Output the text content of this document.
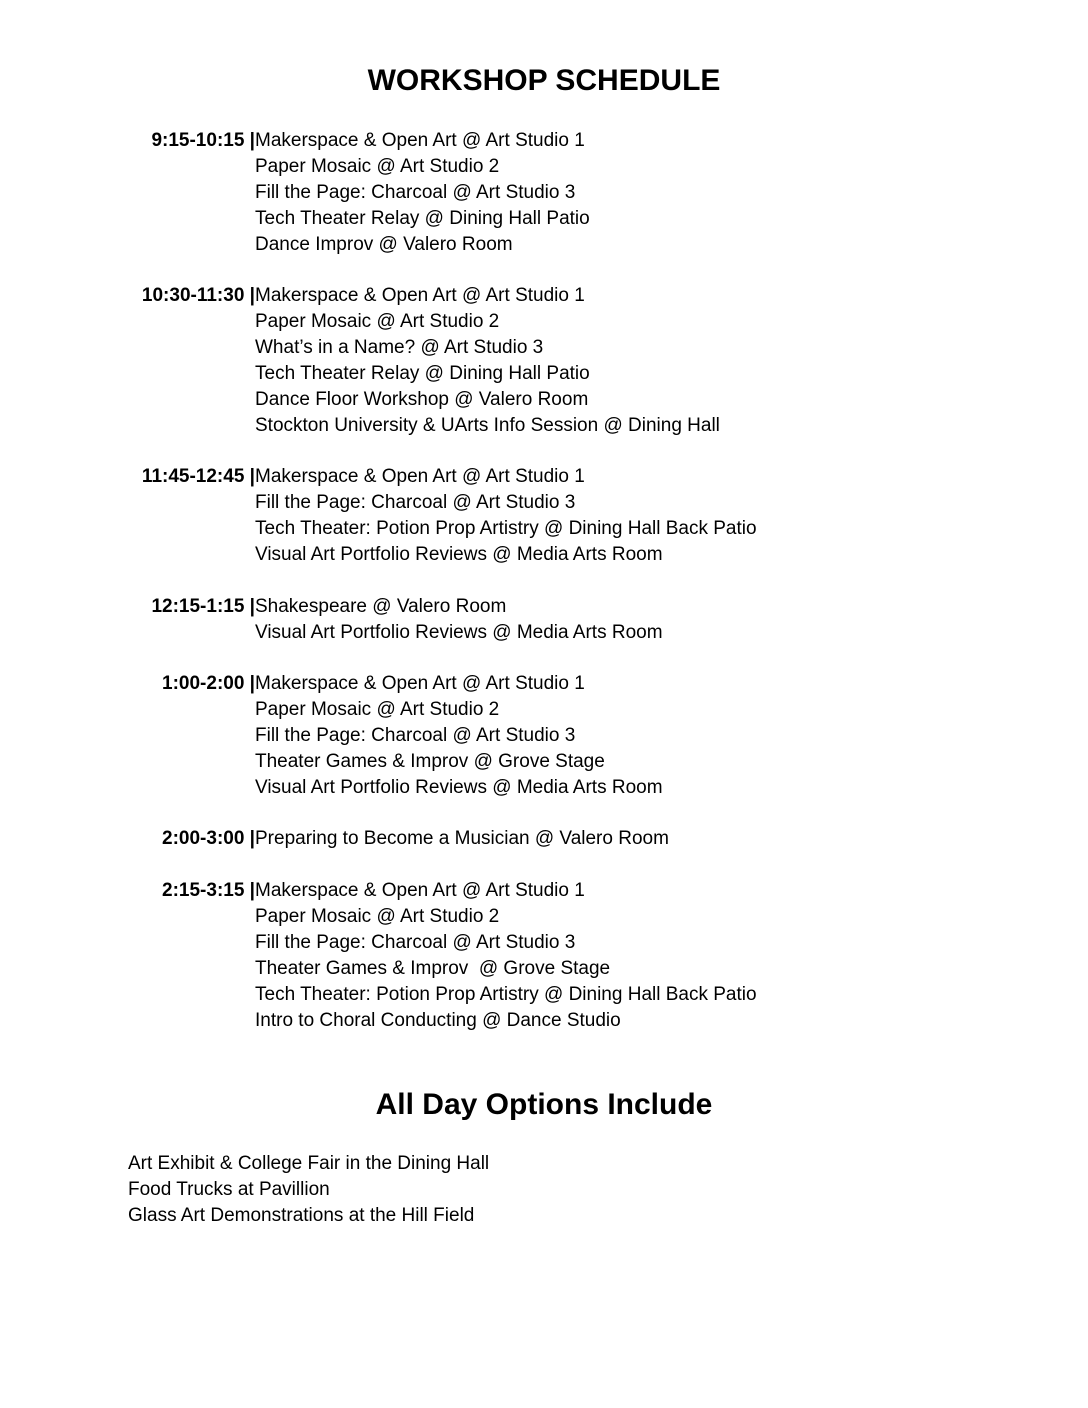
WORKSHOP SCHEDULE
9:15-10:15 | Makerspace & Open Art @ Art Studio 1
Paper Mosaic @ Art Studio 2
Fill the Page: Charcoal @ Art Studio 3
Tech Theater Relay @ Dining Hall Patio
Dance Improv @ Valero Room
10:30-11:30 | Makerspace & Open Art @ Art Studio 1
Paper Mosaic @ Art Studio 2
What’s in a Name? @ Art Studio 3
Tech Theater Relay @ Dining Hall Patio
Dance Floor Workshop @ Valero Room
Stockton University & UArts Info Session @ Dining Hall
11:45-12:45 | Makerspace & Open Art @ Art Studio 1
Fill the Page: Charcoal @ Art Studio 3
Tech Theater: Potion Prop Artistry @ Dining Hall Back Patio
Visual Art Portfolio Reviews @ Media Arts Room
12:15-1:15 | Shakespeare @ Valero Room
Visual Art Portfolio Reviews @ Media Arts Room
1:00-2:00 | Makerspace & Open Art @ Art Studio 1
Paper Mosaic @ Art Studio 2
Fill the Page: Charcoal @ Art Studio 3
Theater Games & Improv @ Grove Stage
Visual Art Portfolio Reviews @ Media Arts Room
2:00-3:00 | Preparing to Become a Musician @ Valero Room
2:15-3:15 | Makerspace & Open Art @ Art Studio 1
Paper Mosaic @ Art Studio 2
Fill the Page: Charcoal @ Art Studio 3
Theater Games & Improv  @ Grove Stage
Tech Theater: Potion Prop Artistry @ Dining Hall Back Patio
Intro to Choral Conducting @ Dance Studio
All Day Options Include
Art Exhibit & College Fair in the Dining Hall
Food Trucks at Pavillion
Glass Art Demonstrations at the Hill Field
